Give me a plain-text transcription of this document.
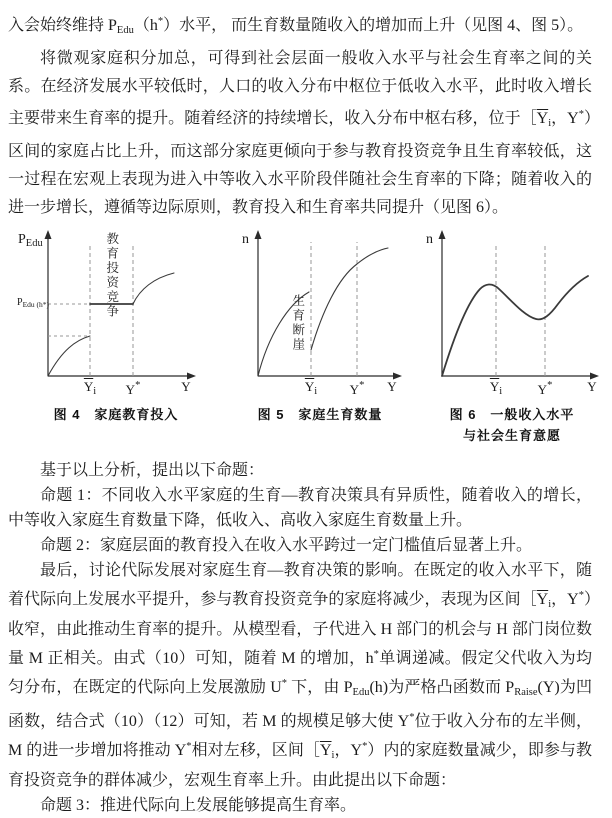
入会始终维持 PEdu（h*）水平， 而生育数量随收入的增加而上升（见图 4、图 5）。

将微观家庭积分加总，可得到社会层面一般收入水平与社会生育率之间的关系。在经济发展水平较低时，人口的收入分布中枢位于低收入水平，此时收入增长主要带来生育率的提升。随着经济的持续增长，收入分布中枢右移，位于$[\overline{Y}i$，Y*）区间的家庭占比上升，而这部分家庭更倾向于参与教育投资竞争且生育率较低，这一过程在宏观上表现为进入中等收入水平阶段伴随社会生育率的下降；随着收入的进一步增长，遵循等边际原则，教育投入和生育率共同提升（见图 6）。

$P_{Edu}$
$P_{Edu (h*)}$	教育投资竞争
$\overline{Y}_i$ Y*	Y
图 4　家庭教育投入
n
生育断崖
$\overline{Y}_i$	Y*	Y
图 5　家庭生育数量
n
$\overline{Y}_i$	Y*	Y
图 6　一般收入水平
与社会生育意愿

基于以上分析，提出以下命题：

命题 1：不同收入水平家庭的生育—教育决策具有异质性，随着收入的增长，中等收入家庭生育数量下降，低收入、高收入家庭生育数量上升。

命题 2：家庭层面的教育投入在收入水平跨过一定门槛值后显著上升。

最后，讨论代际发展对家庭生育—教育决策的影响。在既定的收入水平下，随着代际向上发展水平提升，参与教育投资竞争的家庭将减少，表现为区间$[\overline{Y}i$，Y*）收窄，由此推动生育率的提升。从模型看，子代进入 H 部门的机会与 H 部门岗位数量 M 正相关。由式（10）可知，随着 M 的增加，h*单调递减。假定父代收入为均匀分布，在既定的代际向上发展激励 U* 下，由 PEdu(h)为严格凸函数而 PRaise(Y)为凹函数，结合式（10）（12）可知，若 M 的规模足够大使 Y*位于收入分布的左半侧，M 的进一步增加将推动 Y*相对左移，区间$[\overline{Y}i$，Y*）内的家庭数量减少，即参与教育投资竞争的群体减少，宏观生育率上升。由此提出以下命题：

命题 3：推进代际向上发展能够提高生育率。
